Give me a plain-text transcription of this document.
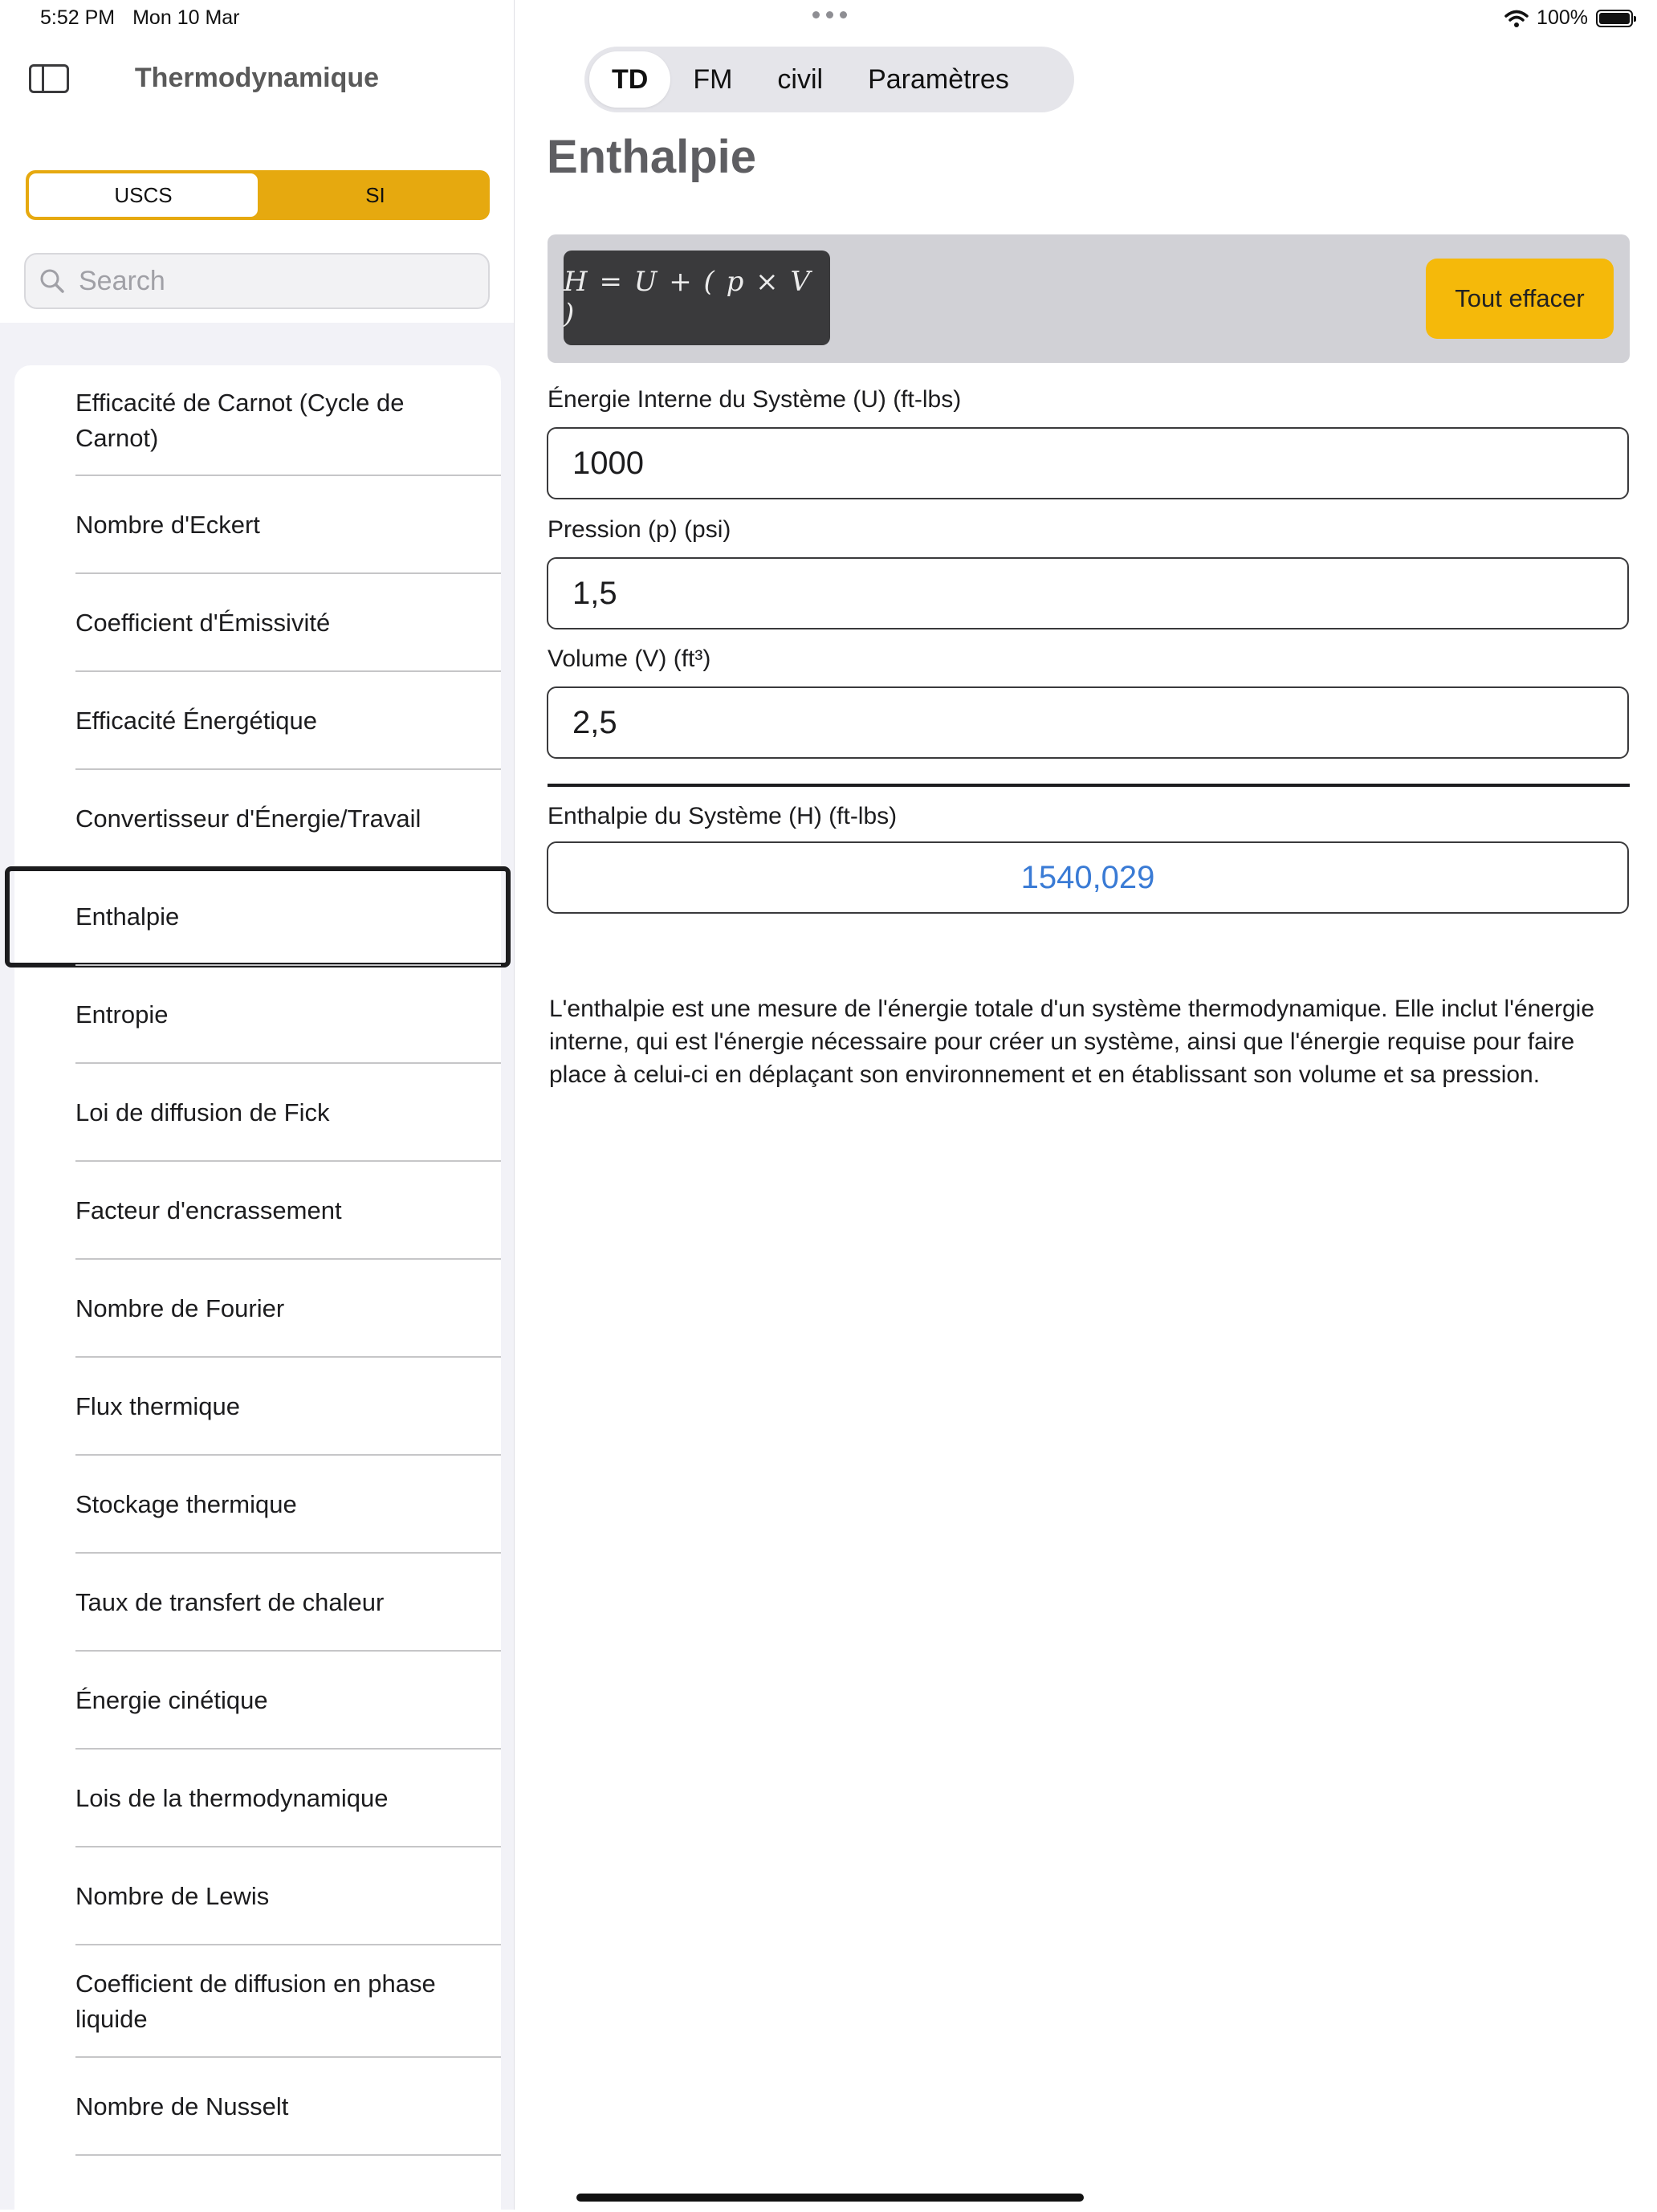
Thermodynamique
USCS	SI
Search
Efficacité de Carnot (Cycle de Carnot)
Nombre d'Eckert
Coefficient d'Émissivité
Efficacité Énergétique
Convertisseur d'Énergie/Travail
Enthalpie
Entropie
Loi de diffusion de Fick
Facteur d'encrassement
Nombre de Fourier
Flux thermique
Stockage thermique
Taux de transfert de chaleur
Énergie cinétique
Lois de la thermodynamique
Nombre de Lewis
Coefficient de diffusion en phase liquide
Nombre de Nusselt
5:52 PM Mon 10 Mar	100%
TD	FM	civil	Paramètres
Enthalpie
H = U + ( p × V )	Tout effacer
Énergie Interne du Système (U) (ft-lbs)
1000
Pression (p) (psi)
1,5
Volume (V) (ft³)
2,5
Enthalpie du Système (H) (ft-lbs)
1540,029
L'enthalpie est une mesure de l'énergie totale d'un système thermodynamique. Elle inclut l'énergie interne, qui est l'énergie nécessaire pour créer un système, ainsi que l'énergie requise pour faire place à celui-ci en déplaçant son environnement et en établissant son volume et sa pression.
